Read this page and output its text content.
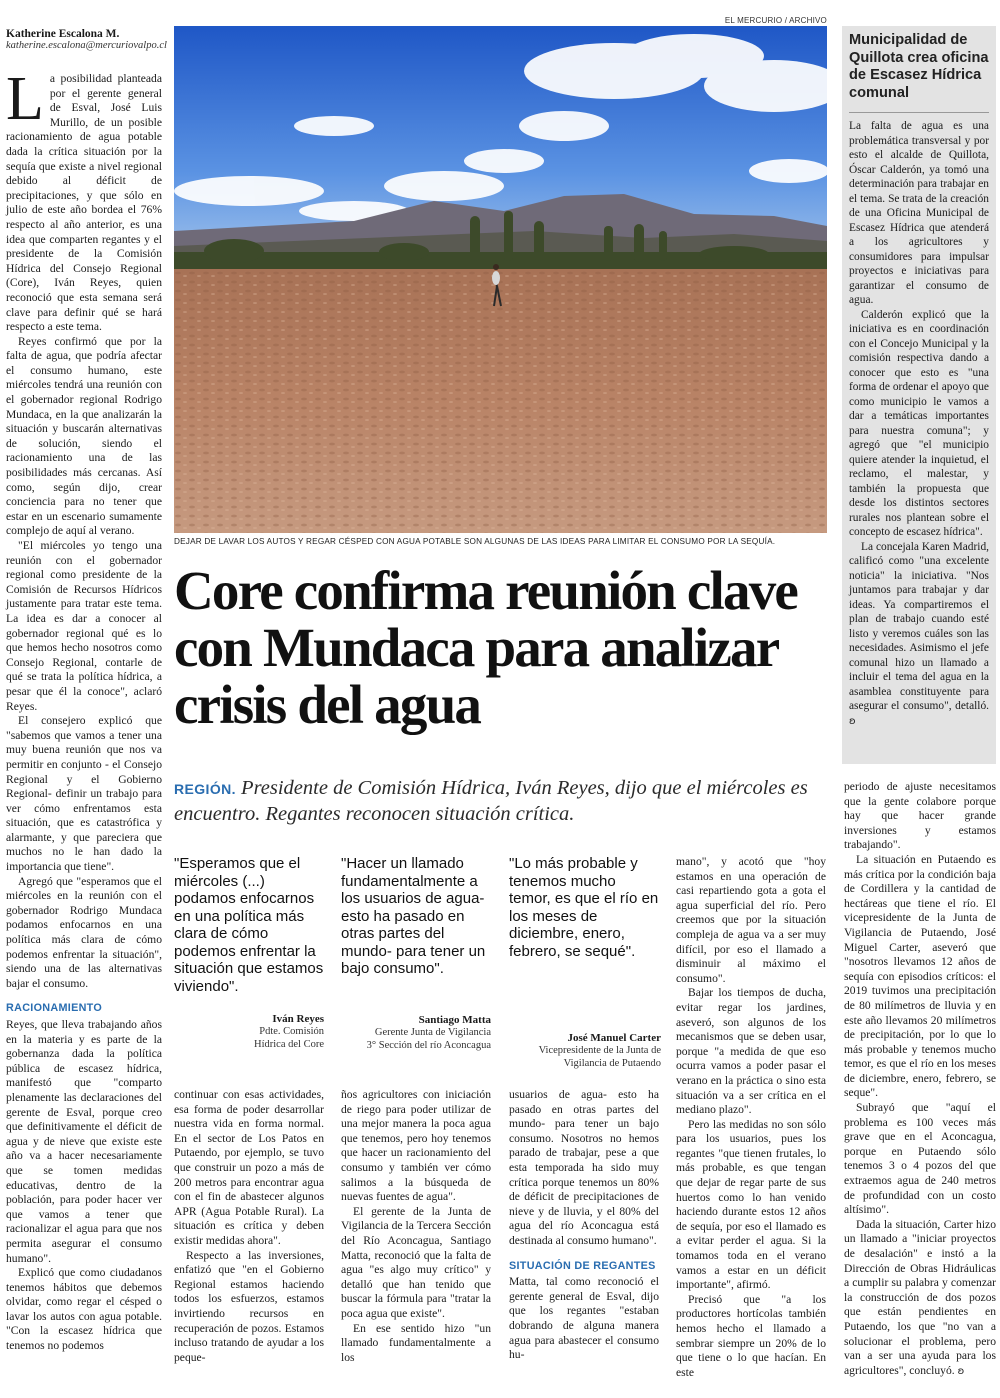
Katherine Escalona M.
katherine.escalona@mercuriovalpo.cl

La posibilidad planteada por el gerente general de Esval, José Luis Murillo, de un posible racionamiento de agua potable dada la crítica situación por la sequía que existe a nivel regional debido al déficit de precipitaciones, y que sólo en julio de este año bordea el 76% respecto al año anterior, es una idea que comparten regantes y el presidente de la Comisión Hídrica del Consejo Regional (Core), Iván Reyes, quien reconoció que esta semana será clave para definir qué se hará respecto a este tema.

Reyes confirmó que por la falta de agua, que podría afectar el consumo humano, este miércoles tendrá una reunión con el gobernador regional Rodrigo Mundaca, en la que analizarán la situación y buscarán alternativas de solución, siendo el racionamiento una de las posibilidades más cercanas. Así como, según dijo, crear conciencia para no tener que estar en un escenario sumamente complejo de aquí al verano.

"El miércoles yo tengo una reunión con el gobernador regional como presidente de la Comisión de Recursos Hídricos justamente para tratar este tema. La idea es dar a conocer al gobernador regional qué es lo que hemos hecho nosotros como Consejo Regional, contarle de qué se trata la política hídrica, a pesar que él la conoce", aclaró Reyes.

El consejero explicó que "sabemos que vamos a tener una muy buena reunión que nos va permitir en conjunto - el Consejo Regional y el Gobierno Regional- definir un trabajo para ver cómo enfrentamos esta situación, que es catastrófica y alarmante, y que pareciera que muchos no le han dado la importancia que tiene".

Agregó que "esperamos que el miércoles en la reunión con el gobernador Rodrigo Mundaca podamos enfocarnos en una política más clara de cómo podemos enfrentar la situación", siendo una de las alternativas bajar el consumo.

RACIONAMIENTO

Reyes, que lleva trabajando años en la materia y es parte de la gobernanza dada la política pública de escasez hídrica, manifestó que "comparto plenamente las declaraciones del gerente de Esval, porque creo que definitivamente el déficit de agua y de nieve que existe este año va a hacer necesariamente que se tomen medidas educativas, dentro de la población, para poder hacer ver que vamos a tener que racionalizar el agua para que nos permita asegurar el consumo humano".

Explicó que como ciudadanos tenemos hábitos que debemos olvidar, como regar el césped o lavar los autos con agua potable. "Con la escasez hídrica que tenemos no podemos

EL MERCURIO / ARCHIVO
DEJAR DE LAVAR LOS AUTOS Y REGAR CÉSPED CON AGUA POTABLE SON ALGUNAS DE LAS IDEAS PARA LIMITAR EL CONSUMO POR LA SEQUÍA.
Core confirma reunión clave con Mundaca para analizar crisis del agua
REGIÓN. Presidente de Comisión Hídrica, Iván Reyes, dijo que el miércoles es encuentro. Regantes reconocen situación crítica.
"Esperamos que el miércoles (...) podamos enfocarnos en una política más clara de cómo podemos enfrentar la situación que estamos viviendo".
Iván Reyes
Pdte. Comisión
Hídrica del Core
"Hacer un llamado fundamentalmente a los usuarios de agua- esto ha pasado en otras partes del mundo- para tener un bajo consumo".
Santiago Matta
Gerente Junta de Vigilancia
3° Sección del río Aconcagua
"Lo más probable y tenemos mucho temor, es que el río en los meses de diciembre, enero, febrero, se sequé".
José Manuel Carter
Vicepresidente de la Junta de
Vigilancia de Putaendo

continuar con esas actividades, esa forma de poder desarrollar nuestra vida en forma normal. En el sector de Los Patos en Putaendo, por ejemplo, se tuvo que construir un pozo a más de 200 metros para encontrar agua con el fin de abastecer algunos APR (Agua Potable Rural). La situación es crítica y deben existir medidas ahora".

Respecto a las inversiones, enfatizó que "en el Gobierno Regional estamos haciendo todos los esfuerzos, estamos invirtiendo recursos en recuperación de pozos. Estamos incluso tratando de ayudar a los peque-

ños agricultores con iniciación de riego para poder utilizar de una mejor manera la poca agua que tenemos, pero hoy tenemos que hacer un racionamiento del consumo y también ver cómo salimos a la búsqueda de nuevas fuentes de agua".

El gerente de la Junta de Vigilancia de la Tercera Sección del Río Aconcagua, Santiago Matta, reconoció que la falta de agua "es algo muy crítico" y detalló que han tenido que buscar la fórmula para "tratar la poca agua que existe".

En ese sentido hizo "un llamado fundamentalmente a los

usuarios de agua- esto ha pasado en otras partes del mundo- para tener un bajo consumo. Nosotros no hemos parado de trabajar, pese a que esta temporada ha sido muy crítica porque tenemos un 80% de déficit de precipitaciones de nieve y de lluvia, y el 80% del agua del río Aconcagua está destinada al consumo humano".

SITUACIÓN DE REGANTES

Matta, tal como reconoció el gerente general de Esval, dijo que los regantes "estaban dobrando de alguna manera agua para abastecer el consumo hu-

mano", y acotó que "hoy estamos en una operación de casi repartiendo gota a gota el agua superficial del río. Pero creemos que por la situación compleja de agua va a ser muy difícil, por eso el llamado a disminuir al máximo el consumo".

Bajar los tiempos de ducha, evitar regar los jardines, aseveró, son algunos de los mecanismos que se deben usar, porque "a medida de que eso ocurra vamos a poder pasar el verano en la práctica o sino esta situación va a ser crítica en el mediano plazo".

Pero las medidas no son sólo para los usuarios, pues los regantes "que tienen frutales, lo más probable, es que tengan que dejar de regar parte de sus huertos como lo han venido haciendo durante estos 12 años de sequía, por eso el llamado es a evitar perder el agua. Si la tomamos toda en el verano vamos a estar en un déficit importante", afirmó.

Precisó que "a los productores hortícolas también hemos hecho el llamado a sembrar siempre un 20% de lo que tiene o lo que hacían. En este

periodo de ajuste necesitamos que la gente colabore porque hay que hacer grande inversiones y estamos trabajando".

La situación en Putaendo es más crítica por la condición baja de Cordillera y la cantidad de hectáreas que tiene el río. El vicepresidente de la Junta de Vigilancia de Putaendo, José Miguel Carter, aseveró que "nosotros llevamos 12 años de sequía con episodios críticos: el 2019 tuvimos una precipitación de 80 milímetros de lluvia y en este año llevamos 20 milímetros de precipitación, por lo que lo más probable y tenemos mucho temor, es que el río en los meses de diciembre, enero, febrero, se seque".

Subrayó que "aquí el problema es 100 veces más grave que en el Aconcagua, porque en Putaendo sólo tenemos 3 o 4 pozos del que extraemos agua de 240 metros de profundidad con un costo altísimo".

Dada la situación, Carter hizo un llamado a "iniciar proyectos de desalación" e instó a la Dirección de Obras Hidráulicas a cumplir su palabra y comenzar la construcción de dos pozos que están pendientes en Putaendo, los que "no van a solucionar el problema, pero van a ser una ayuda para los agricultores", concluyó. ʚ

Municipalidad de Quillota crea oficina de Escasez Hídrica comunal

La falta de agua es una problemática transversal y por esto el alcalde de Quillota, Óscar Calderón, ya tomó una determinación para trabajar en el tema. Se trata de la creación de una Oficina Municipal de Escasez Hídrica que atenderá a los agricultores y consumidores para impulsar proyectos e iniciativas para garantizar el consumo de agua.

Calderón explicó que la iniciativa es en coordinación con el Concejo Municipal y la comisión respectiva dando a conocer que esto es "una forma de ordenar el apoyo que como municipio le vamos a dar a temáticas importantes para nuestra comuna"; y agregó que "el municipio quiere atender la inquietud, el reclamo, el malestar, y también la propuesta que desde los distintos sectores rurales nos plantean sobre el concepto de escasez hídrica".

La concejala Karen Madrid, calificó como "una excelente noticia" la iniciativa. "Nos juntamos para trabajar y dar ideas. Ya compartiremos el plan de trabajo cuando esté listo y veremos cuáles son las necesidades. Asimismo el jefe comunal hizo un llamado a incluir el tema del agua en la asamblea constituyente para asegurar el consumo", detalló. ʚ
